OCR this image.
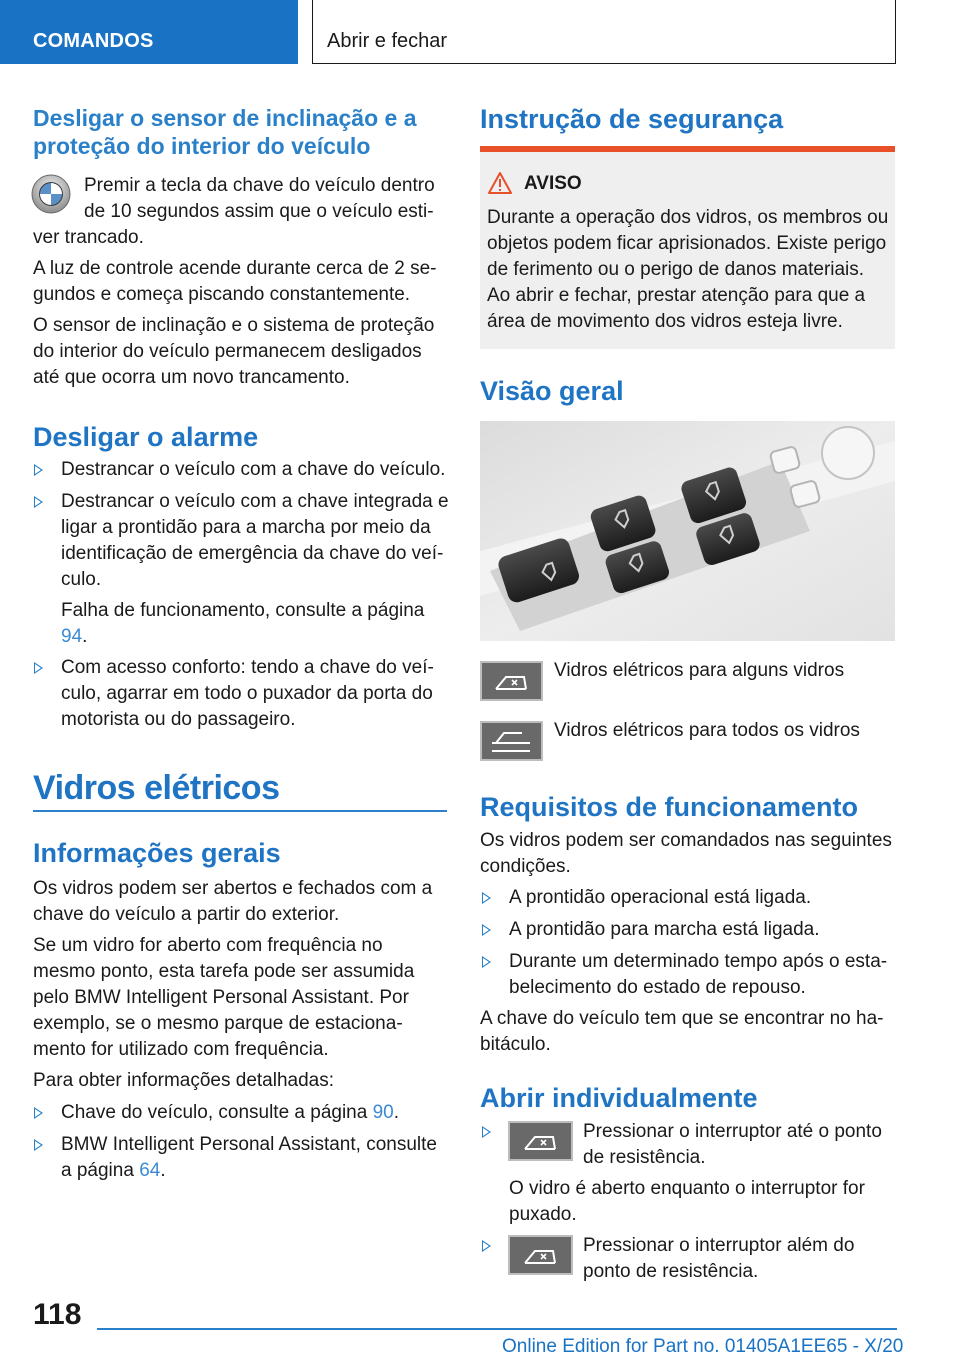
COMANDOS	Abrir e fechar
Desligar o sensor de inclinação e a
proteção do interior do veículo
Premir a tecla da chave do veículo dentro
de 10 segundos assim que o veículo esti-
ver trancado.
A luz de controle acende durante cerca de 2 se-
gundos e começa piscando constantemente.
O sensor de inclinação e o sistema de proteção
do interior do veículo permanecem desligados
até que ocorra um novo trancamento.
Desligar o alarme
Destrancar o veículo com a chave do veículo.
Destrancar o veículo com a chave integrada e
ligar a prontidão para a marcha por meio da
identificação de emergência da chave do veí-
culo.
Falha de funcionamento, consulte a página
94.
Com acesso conforto: tendo a chave do veí-
culo, agarrar em todo o puxador da porta do
motorista ou do passageiro.
Vidros elétricos
Informações gerais
Os vidros podem ser abertos e fechados com a
chave do veículo a partir do exterior.
Se um vidro for aberto com frequência no
mesmo ponto, esta tarefa pode ser assumida
pelo BMW Intelligent Personal Assistant. Por
exemplo, se o mesmo parque de estaciona-
mento for utilizado com frequência.
Para obter informações detalhadas:
Chave do veículo, consulte a página 90.
BMW Intelligent Personal Assistant, consulte
a página 64.
Instrução de segurança
AVISO
Durante a operação dos vidros, os membros ou
objetos podem ficar aprisionados. Existe perigo
de ferimento ou o perigo de danos materiais.
Ao abrir e fechar, prestar atenção para que a
área de movimento dos vidros esteja livre.
Visão geral
Vidros elétricos para alguns vidros
Vidros elétricos para todos os vidros
Requisitos de funcionamento
Os vidros podem ser comandados nas seguintes
condições.
A prontidão operacional está ligada.
A prontidão para marcha está ligada.
Durante um determinado tempo após o esta-
belecimento do estado de repouso.
A chave do veículo tem que se encontrar no ha-
bitáculo.
Abrir individualmente
Pressionar o interruptor até o ponto
de resistência.
O vidro é aberto enquanto o interruptor for
puxado.
Pressionar o interruptor além do
ponto de resistência.
118
Online Edition for Part no. 01405A1EE65 - X/20
